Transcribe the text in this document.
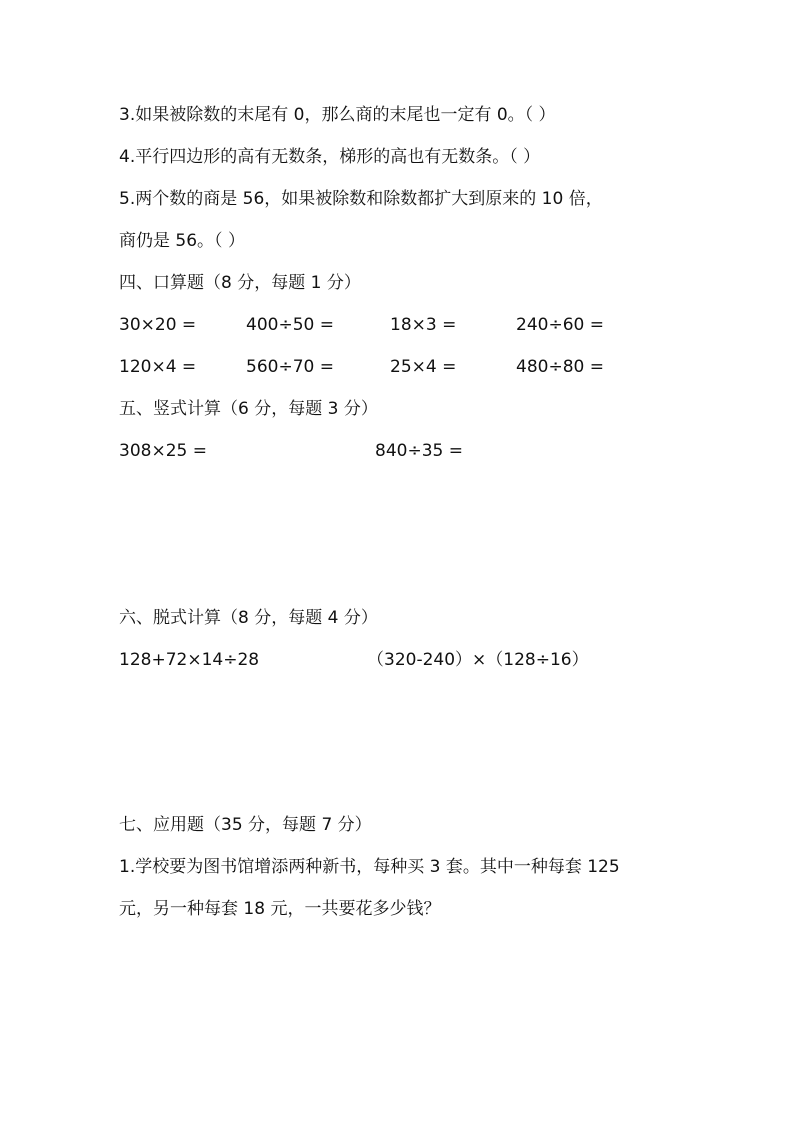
3.如果被除数的末尾有 0，那么商的末尾也一定有 0。（ ）
4.平行四边形的高有无数条，梯形的高也有无数条。（ ）
5.两个数的商是 56，如果被除数和除数都扩大到原来的 10 倍，
商仍是 56。（ ）
四、口算题（8 分，每题 1 分）
30×20 =	400÷50 =	18×3 =	240÷60 =
120×4 =	560÷70 =	25×4 =	480÷80 =
五、竖式计算（6 分，每题 3 分）
308×25 =	840÷35 =
六、脱式计算（8 分，每题 4 分）
128+72×14÷28	（320-240）×（128÷16）
七、应用题（35 分，每题 7 分）
1.学校要为图书馆增添两种新书，每种买 3 套。其中一种每套 125
元，另一种每套 18 元，一共要花多少钱？
